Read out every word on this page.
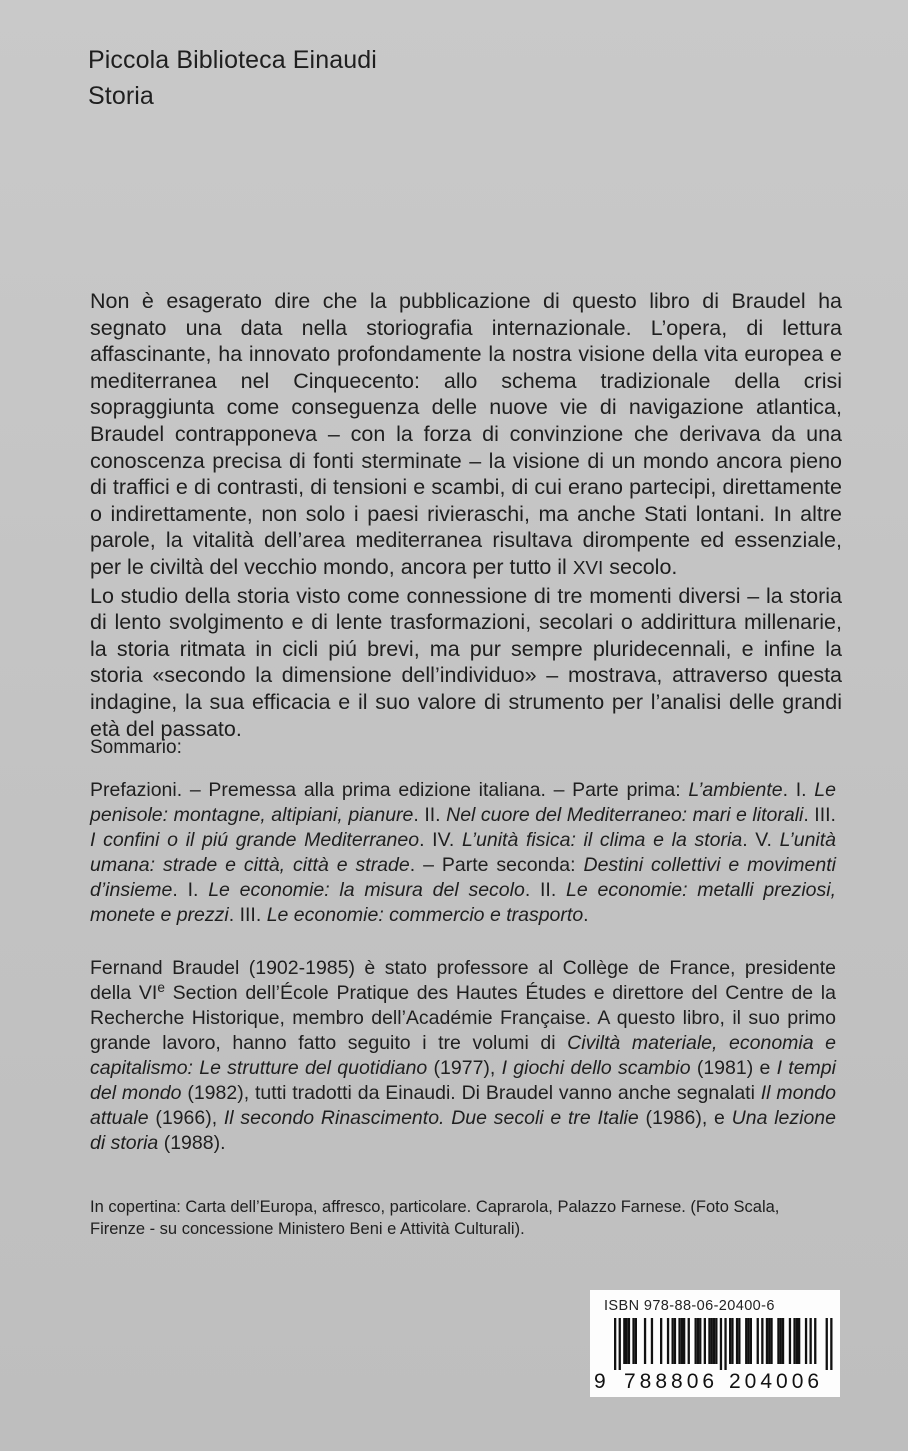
Piccola Biblioteca Einaudi
Storia

Non è esagerato dire che la pubblicazione di questo libro di Braudel ha segnato una data nella storiografia internazionale. L’opera, di lettura affascinante, ha innovato profondamente la nostra visione della vita europea e mediterranea nel Cinquecento: allo schema tradizionale della crisi sopraggiunta come conseguenza delle nuove vie di navigazione atlantica, Braudel contrapponeva – con la forza di convinzione che derivava da una conoscenza precisa di fonti sterminate – la visione di un mondo ancora pieno di traffici e di contrasti, di tensioni e scambi, di cui erano partecipi, direttamente o indirettamente, non solo i paesi rivieraschi, ma anche Stati lontani. In altre parole, la vitalità dell’area mediterranea risultava dirompente ed essenziale, per le civiltà del vecchio mondo, ancora per tutto il XVI secolo.

Lo studio della storia visto come connessione di tre momenti diversi – la storia di lento svolgimento e di lente trasformazioni, secolari o addirittura millenarie, la storia ritmata in cicli piú brevi, ma pur sempre pluridecennali, e infine la storia «secondo la dimensione dell’individuo» – mostrava, attraverso questa indagine, la sua efficacia e il suo valore di strumento per l’analisi delle grandi età del passato.

Sommario:

Prefazioni. – Premessa alla prima edizione italiana. – Parte prima: L’ambiente. I. Le penisole: montagne, altipiani, pianure. II. Nel cuore del Mediterraneo: mari e litorali. III. I confini o il piú grande Mediterraneo. IV. L’unità fisica: il clima e la storia. V. L’unità umana: strade e città, città e strade. – Parte seconda: Destini collettivi e movimenti d’insieme. I. Le economie: la misura del secolo. II. Le economie: metalli preziosi, monete e prezzi. III. Le economie: commercio e trasporto.

Fernand Braudel (1902-1985) è stato professore al Collège de France, presidente della VIe Section dell’École Pratique des Hautes Études e direttore del Centre de la Recherche Historique, membro dell’Académie Française. A questo libro, il suo primo grande lavoro, hanno fatto seguito i tre volumi di Civiltà materiale, economia e capitalismo: Le strutture del quotidiano (1977), I giochi dello scambio (1981) e I tempi del mondo (1982), tutti tradotti da Einaudi. Di Braudel vanno anche segnalati Il mondo attuale (1966), Il secondo Rinascimento. Due secoli e tre Italie (1986), e Una lezione di storia (1988).

In copertina: Carta dell’Europa, affresco, particolare. Caprarola, Palazzo Farnese. (Foto Scala, Firenze - su concessione Ministero Beni e Attività Culturali).

ISBN 978-88-06-20400-6
9 788806 204006
